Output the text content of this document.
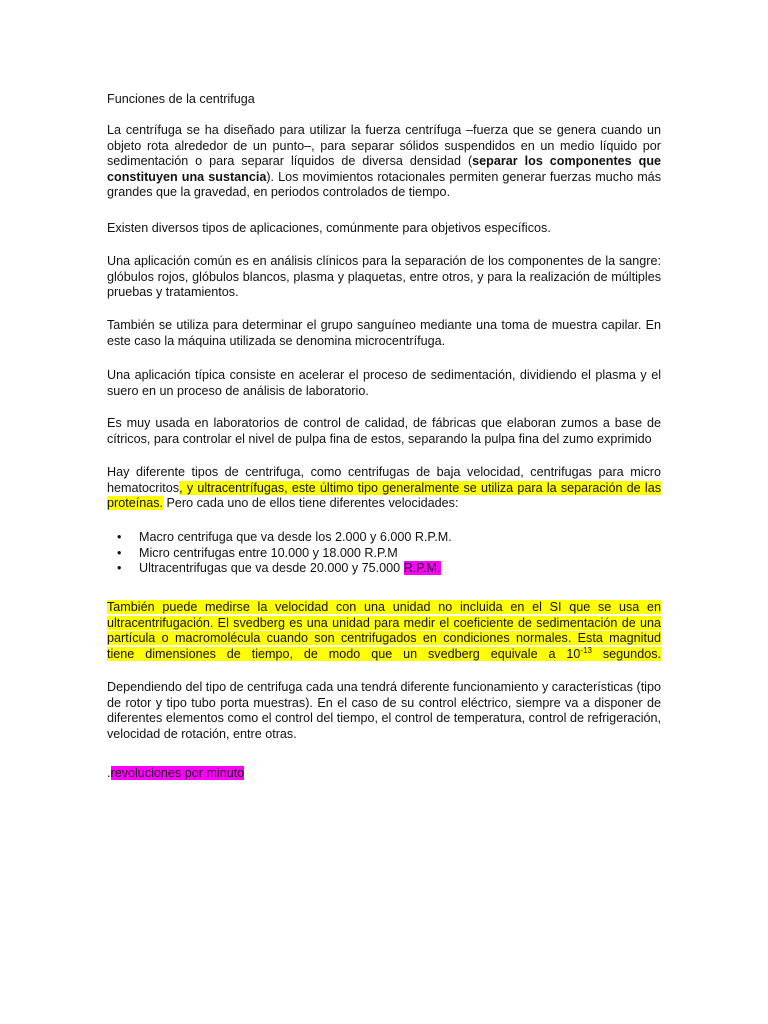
Funciones de la centrifuga

La centrífuga se ha diseñado para utilizar la fuerza centrífuga –fuerza que se genera cuando un objeto rota alrededor de un punto–, para separar sólidos suspendidos en un medio líquido por sedimentación o para separar líquidos de diversa densidad (separar los componentes que constituyen una sustancia). Los movimientos rotacionales permiten generar fuerzas mucho más grandes que la gravedad, en periodos controlados de tiempo.

Existen diversos tipos de aplicaciones, comúnmente para objetivos específicos.

Una aplicación común es en análisis clínicos para la separación de los componentes de la sangre: glóbulos rojos, glóbulos blancos, plasma y plaquetas, entre otros, y para la realización de múltiples pruebas y tratamientos.

También se utiliza para determinar el grupo sanguíneo mediante una toma de muestra capilar. En este caso la máquina utilizada se denomina microcentrífuga.

Una aplicación típica consiste en acelerar el proceso de sedimentación, dividiendo el plasma y el suero en un proceso de análisis de laboratorio.

Es muy usada en laboratorios de control de calidad, de fábricas que elaboran zumos a base de cítricos, para controlar el nivel de pulpa fina de estos, separando la pulpa fina del zumo exprimido

Hay diferente tipos de centrifuga, como centrifugas de baja velocidad, centrifugas para micro hematocritos, y ultracentrífugas, este último tipo generalmente se utiliza para la separación de las proteínas. Pero cada uno de ellos tiene diferentes velocidades:

• Macro centrifuga que va desde los 2.000 y 6.000 R.P.M.
• Micro centrifugas entre 10.000 y 18.000 R.P.M
• Ultracentrifugas que va desde 20.000 y 75.000 R.P.M.

También puede medirse la velocidad con una unidad no incluida en el SI que se usa en ultracentrifugación. El svedberg es una unidad para medir el coeficiente de sedimentación de una partícula o macromolécula cuando son centrifugados en condiciones normales. Esta magnitud tiene dimensiones de tiempo, de modo que un svedberg equivale a $10^{-13}$ segundos.

Dependiendo del tipo de centrifuga cada una tendrá diferente funcionamiento y características (tipo de rotor y tipo tubo porta muestras). En el caso de su control eléctrico, siempre va a disponer de diferentes elementos como el control del tiempo, el control de temperatura, control de refrigeración, velocidad de rotación, entre otras.

.revoluciones por minuto
